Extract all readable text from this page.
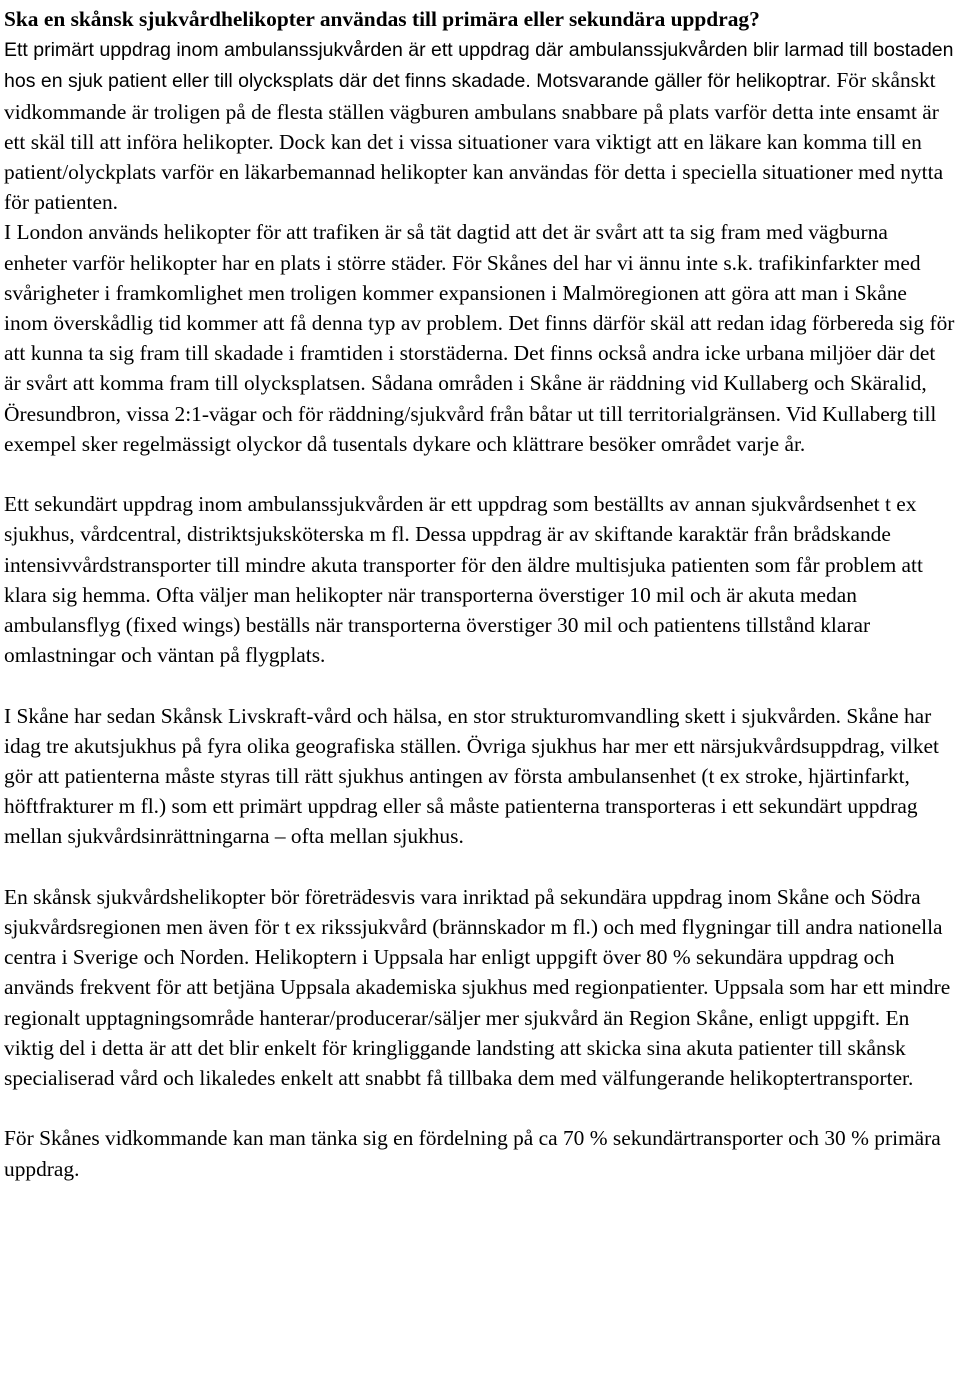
Ska en skånsk sjukvårdhelikopter användas till primära eller sekundära uppdrag?
Ett primärt uppdrag inom ambulanssjukvården är ett uppdrag där ambulanssjukvården blir larmad till bostaden hos en sjuk patient eller till olycksplats där det finns skadade. Motsvarande gäller för helikoptrar. För skånskt vidkommande är troligen på de flesta ställen vägburen ambulans snabbare på plats varför detta inte ensamt är ett skäl till att införa helikopter. Dock kan det i vissa situationer vara viktigt att en läkare kan komma till en patient/olyckplats varför en läkarbemannad helikopter kan användas för detta i speciella situationer med nytta för patienten.

I London används helikopter för att trafiken är så tät dagtid att det är svårt att ta sig fram med vägburna enheter varför helikopter har en plats i större städer. För Skånes del har vi ännu inte s.k. trafikinfarkter med svårigheter i framkomlighet men troligen kommer expansionen i Malmöregionen att göra att man i Skåne inom överskådlig tid kommer att få denna typ av problem. Det finns därför skäl att redan idag förbereda sig för att kunna ta sig fram till skadade i framtiden i storstäderna. Det finns också andra icke urbana miljöer där det är svårt att komma fram till olycksplatsen. Sådana områden i Skåne är räddning vid Kullaberg och Skäralid, Öresundbron, vissa 2:1-vägar och för räddning/sjukvård från båtar ut till territorialgränsen. Vid Kullaberg till exempel sker regelmässigt olyckor då tusentals dykare och klättrare besöker området varje år.

Ett sekundärt uppdrag inom ambulanssjukvården är ett uppdrag som beställts av annan sjukvårdsenhet t ex sjukhus, vårdcentral, distriktsjuksköterska m fl. Dessa uppdrag är av skiftande karaktär från brådskande intensivvårdstransporter till mindre akuta transporter för den äldre multisjuka patienten som får problem att klara sig hemma. Ofta väljer man helikopter när transporterna överstiger 10 mil och är akuta medan ambulansflyg (fixed wings) beställs när transporterna överstiger 30 mil och patientens tillstånd klarar omlastningar och väntan på flygplats.

I Skåne har sedan Skånsk Livskraft-vård och hälsa, en stor strukturomvandling skett i sjukvården. Skåne har idag tre akutsjukhus på fyra olika geografiska ställen. Övriga sjukhus har mer ett närsjukvårdsuppdrag, vilket gör att patienterna måste styras till rätt sjukhus antingen av första ambulansenhet (t ex stroke, hjärtinfarkt, höftfrakturer m fl.) som ett primärt uppdrag eller så måste patienterna transporteras i ett sekundärt uppdrag mellan sjukvårdsinrättningarna – ofta mellan sjukhus.

En skånsk sjukvårdshelikopter bör företrädesvis vara inriktad på sekundära uppdrag inom Skåne och Södra sjukvårdsregionen men även för t ex rikssjukvård (brännskador m fl.) och med flygningar till andra nationella centra i Sverige och Norden. Helikoptern i Uppsala har enligt uppgift över 80 % sekundära uppdrag och används frekvent för att betjäna Uppsala akademiska sjukhus med regionpatienter. Uppsala som har ett mindre regionalt upptagningsområde hanterar/producerar/säljer mer sjukvård än Region Skåne, enligt uppgift. En viktig del i detta är att det blir enkelt för kringliggande landsting att skicka sina akuta patienter till skånsk specialiserad vård och likaledes enkelt att snabbt få tillbaka dem med välfungerande helikoptertransporter.

För Skånes vidkommande kan man tänka sig en fördelning på ca 70 % sekundärtransporter och 30 % primära uppdrag.
